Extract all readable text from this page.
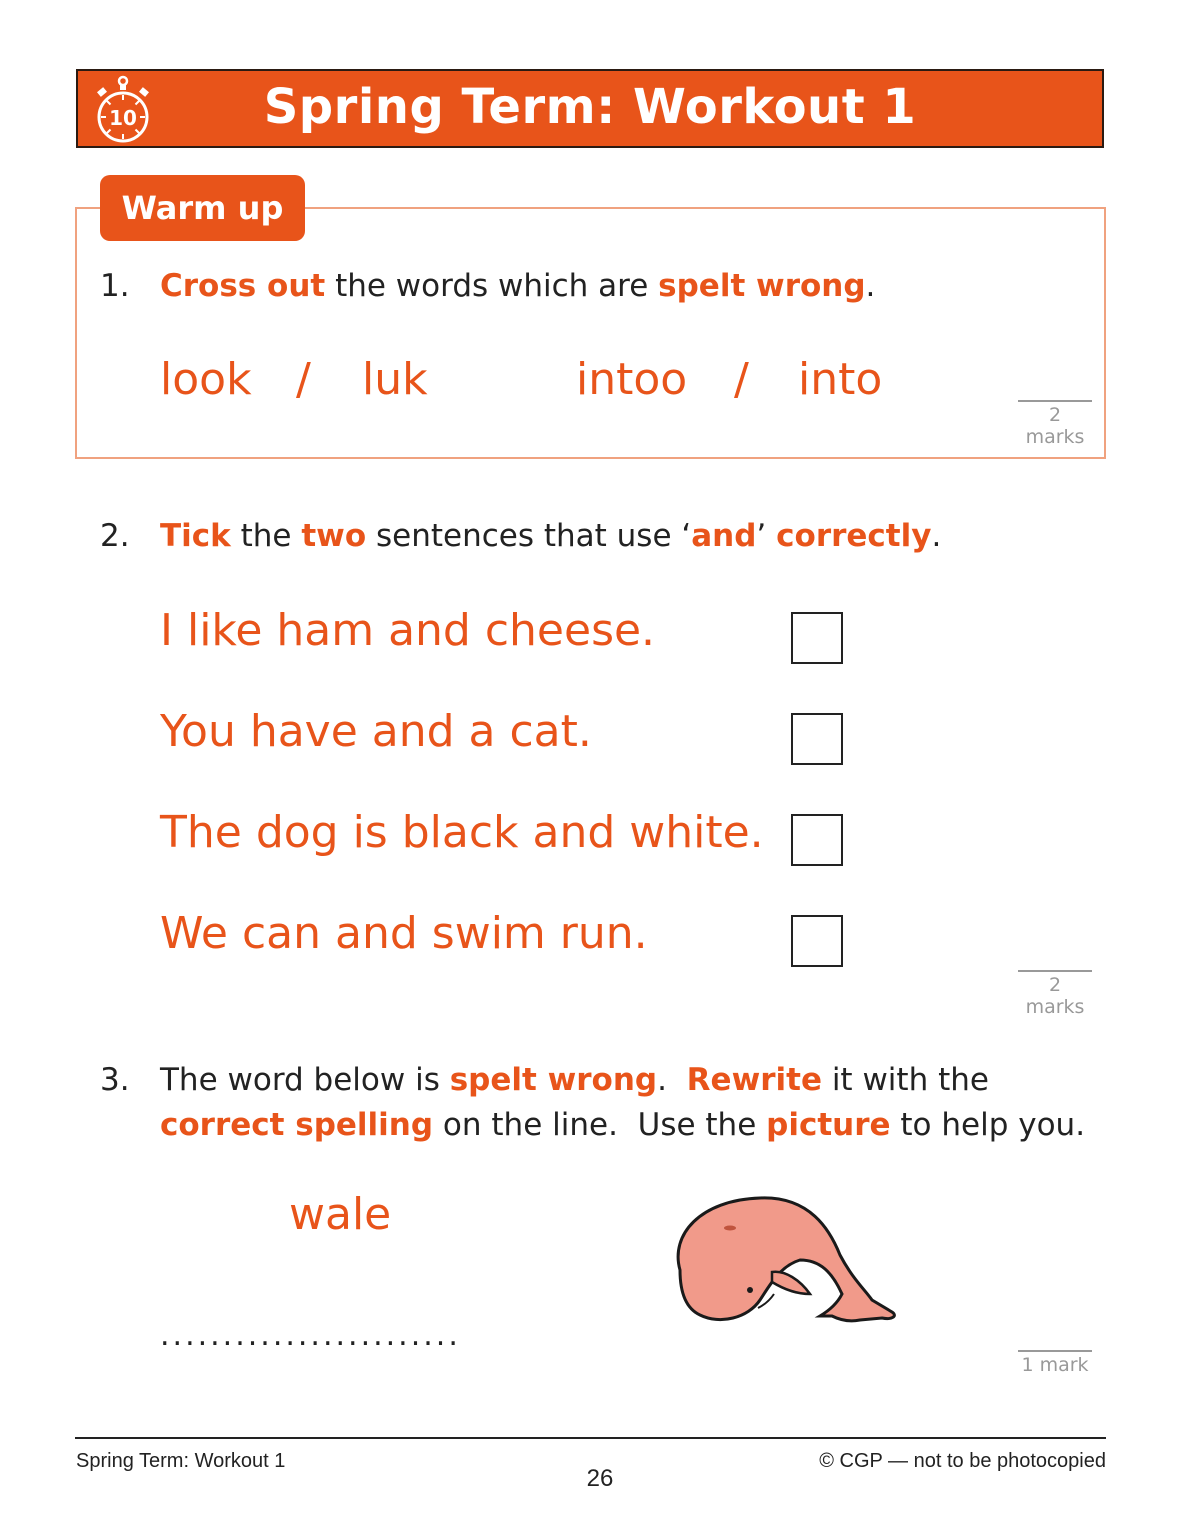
10	Spring Term: Workout 1
Warm up
1. Cross out the words which are spelt wrong.
look / luk	intoo / into
2 marks
2. Tick the two sentences that use ‘and’ correctly.
I like ham and cheese.
You have and a cat.
The dog is black and white.
We can and swim run.
2 marks
3. The word below is spelt wrong.  Rewrite it with the
correct spelling on the line.  Use the picture to help you.
wale
........................
1 mark
Spring Term: Workout 1
26
© CGP — not to be photocopied
